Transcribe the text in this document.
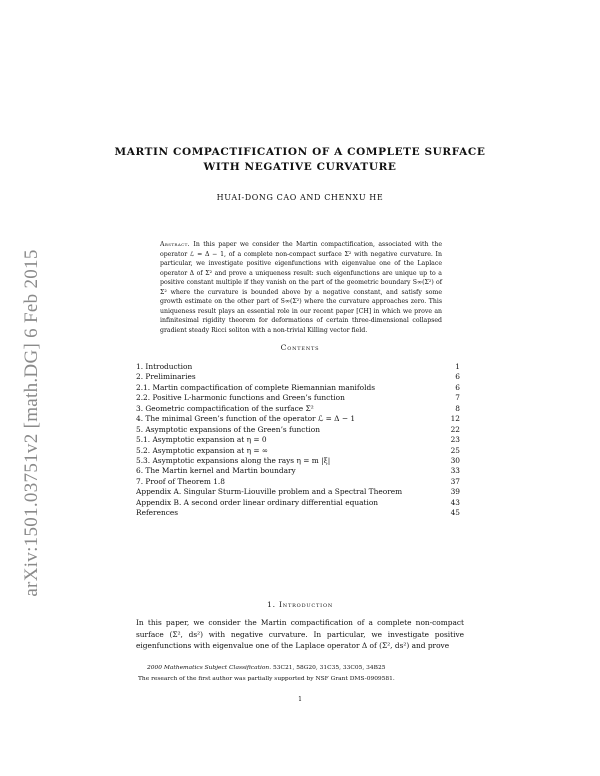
arXiv:1501.03751v2 [math.DG] 6 Feb 2015
MARTIN COMPACTIFICATION OF A COMPLETE SURFACE
WITH NEGATIVE CURVATURE
HUAI-DONG CAO AND CHENXU HE
Abstract. In this paper we consider the Martin compactification, associated with the operator ℒ = Δ − 1, of a complete non-compact surface Σ² with negative curvature. In particular, we investigate positive eigenfunctions with eigenvalue one of the Laplace operator Δ of Σ² and prove a uniqueness result: such eigenfunctions are unique up to a positive constant multiple if they vanish on the part of the geometric boundary S∞(Σ²) of Σ² where the curvature is bounded above by a negative constant, and satisfy some growth estimate on the other part of S∞(Σ²) where the curvature approaches zero. This uniqueness result plays an essential role in our recent paper [CH] in which we prove an infinitesimal rigidity theorem for deformations of certain three-dimensional collapsed gradient steady Ricci soliton with a non-trivial Killing vector field.
Contents
1. Introduction	1
2. Preliminaries	6
2.1. Martin compactification of complete Riemannian manifolds	6
2.2. Positive L-harmonic functions and Green’s function	7
3. Geometric compactification of the surface Σ²	8
4. The minimal Green’s function of the operator ℒ = Δ − 1	12
5. Asymptotic expansions of the Green’s function	22
5.1. Asymptotic expansion at η = 0	23
5.2. Asymptotic expansion at η = ∞	25
5.3. Asymptotic expansions along the rays η = m |ξ|	30
6. The Martin kernel and Martin boundary	33
7. Proof of Theorem 1.8	37
Appendix A. Singular Sturm-Liouville problem and a Spectral Theorem	39
Appendix B. A second order linear ordinary differential equation	43
References	45
1. Introduction
In this paper, we consider the Martin compactification of a complete non-compact surface (Σ², ds²) with negative curvature. In particular, we investigate positive eigenfunctions with eigenvalue one of the Laplace operator Δ of (Σ², ds²) and prove
2000 Mathematics Subject Classification. 53C21, 58G20, 31C35, 33C05, 34B25
The research of the first author was partially supported by NSF Grant DMS-0909581.
1
